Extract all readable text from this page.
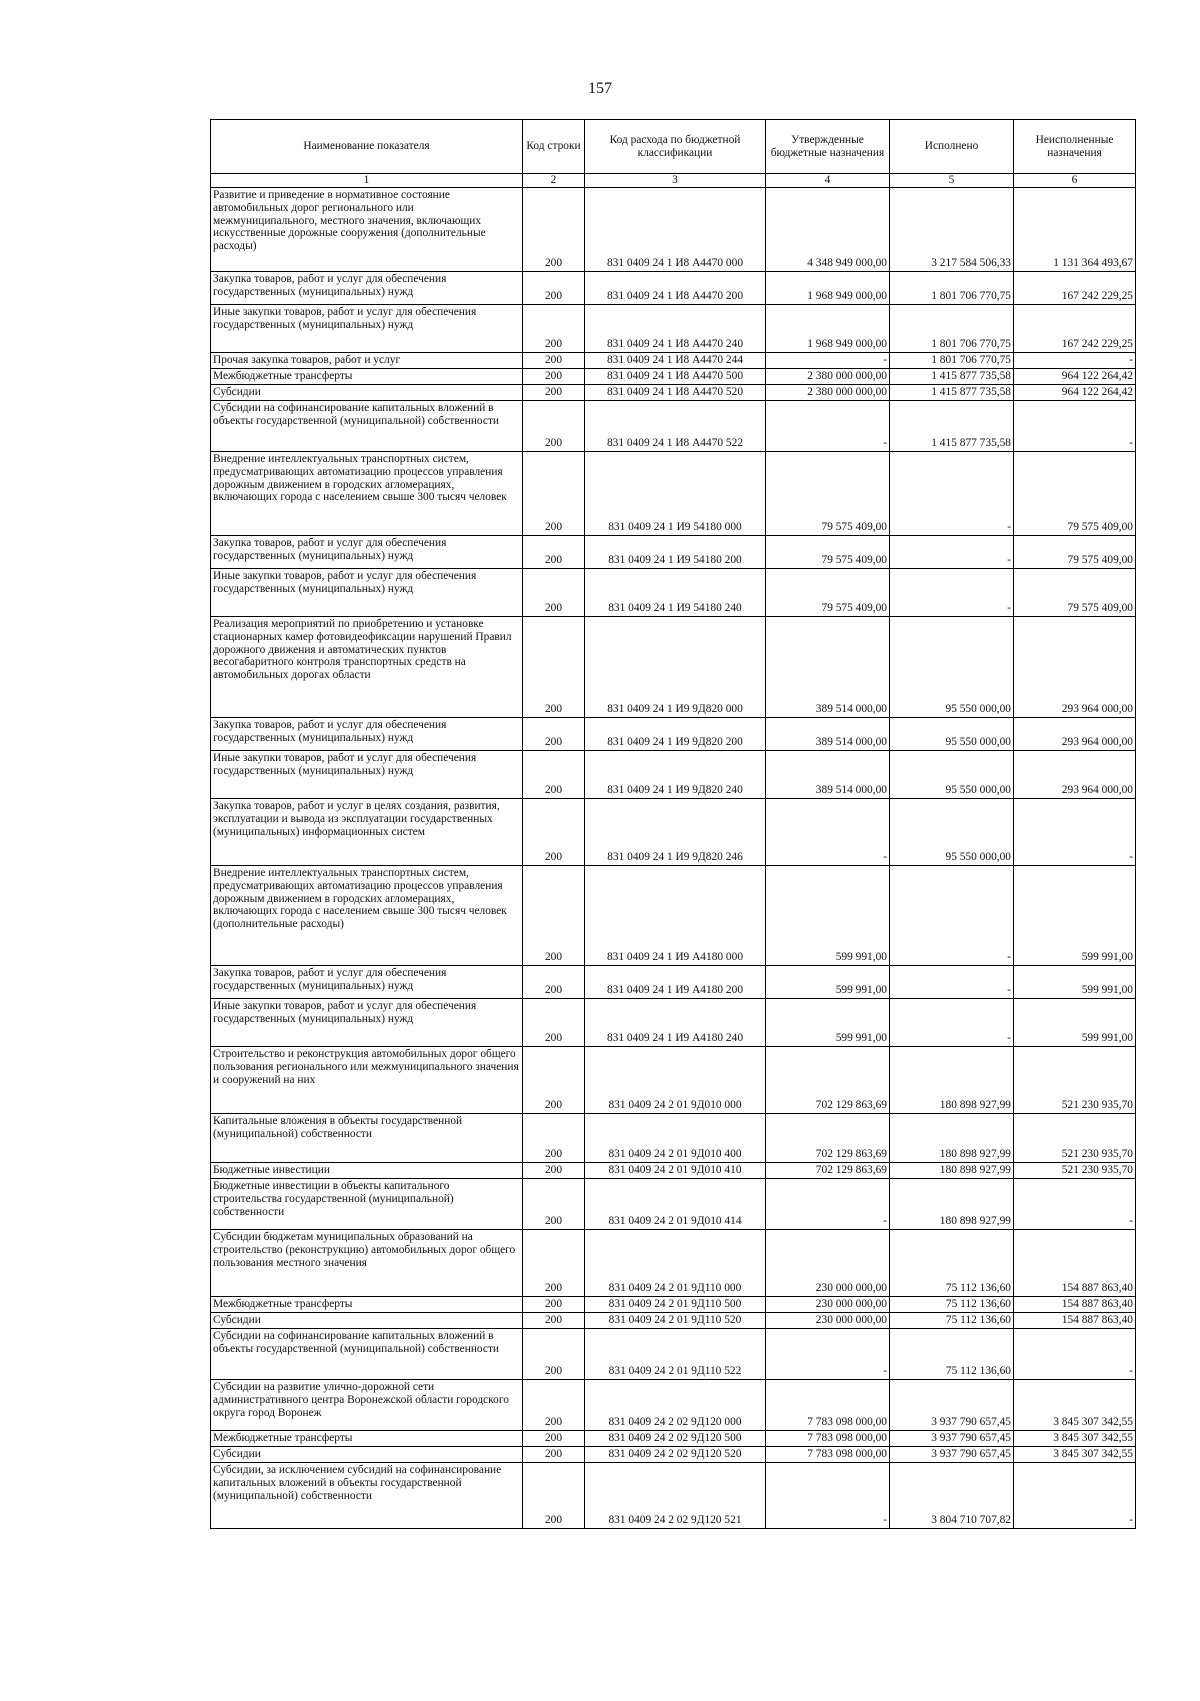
157
Наименование показателя	Код строки	Код расхода по бюджетной классификации	Утвержденные бюджетные назначения	Исполнено	Неисполненные назначения
1	2	3	4	5	6
Развитие и приведение в нормативное состояние автомобильных дорог регионального или межмуниципального, местного значения, включающих искусственные дорожные сооружения (дополнительные расходы)	200	831 0409 24 1 И8 А4470 000	4 348 949 000,00	3 217 584 506,33	1 131 364 493,67
Закупка товаров, работ и услуг для обеспечения государственных (муниципальных) нужд	200	831 0409 24 1 И8 А4470 200	1 968 949 000,00	1 801 706 770,75	167 242 229,25
Иные закупки товаров, работ и услуг для обеспечения государственных (муниципальных) нужд	200	831 0409 24 1 И8 А4470 240	1 968 949 000,00	1 801 706 770,75	167 242 229,25
Прочая закупка товаров, работ и услуг	200	831 0409 24 1 И8 А4470 244	-	1 801 706 770,75	-
Межбюджетные трансферты	200	831 0409 24 1 И8 А4470 500	2 380 000 000,00	1 415 877 735,58	964 122 264,42
Субсидии	200	831 0409 24 1 И8 А4470 520	2 380 000 000,00	1 415 877 735,58	964 122 264,42
Субсидии на софинансирование капитальных вложений в объекты государственной (муниципальной) собственности	200	831 0409 24 1 И8 А4470 522	-	1 415 877 735,58	-
Внедрение интеллектуальных транспортных систем, предусматривающих автоматизацию процессов управления дорожным движением в городских агломерациях, включающих города с населением свыше 300 тысяч человек	200	831 0409 24 1 И9 54180 000	79 575 409,00	-	79 575 409,00
Закупка товаров, работ и услуг для обеспечения государственных (муниципальных) нужд	200	831 0409 24 1 И9 54180 200	79 575 409,00	-	79 575 409,00
Иные закупки товаров, работ и услуг для обеспечения государственных (муниципальных) нужд	200	831 0409 24 1 И9 54180 240	79 575 409,00	-	79 575 409,00
Реализация мероприятий по приобретению и установке стационарных камер фотовидеофиксации нарушений Правил дорожного движения и автоматических пунктов весогабаритного контроля транспортных средств на автомобильных дорогах области	200	831 0409 24 1 И9 9Д820 000	389 514 000,00	95 550 000,00	293 964 000,00
Закупка товаров, работ и услуг для обеспечения государственных (муниципальных) нужд	200	831 0409 24 1 И9 9Д820 200	389 514 000,00	95 550 000,00	293 964 000,00
Иные закупки товаров, работ и услуг для обеспечения государственных (муниципальных) нужд	200	831 0409 24 1 И9 9Д820 240	389 514 000,00	95 550 000,00	293 964 000,00
Закупка товаров, работ и услуг в целях создания, развития, эксплуатации и вывода из эксплуатации государственных (муниципальных) информационных систем	200	831 0409 24 1 И9 9Д820 246	-	95 550 000,00	-
Внедрение интеллектуальных транспортных систем, предусматривающих автоматизацию процессов управления дорожным движением в городских агломерациях, включающих города с населением свыше 300 тысяч человек (дополнительные расходы)	200	831 0409 24 1 И9 А4180 000	599 991,00	-	599 991,00
Закупка товаров, работ и услуг для обеспечения государственных (муниципальных) нужд	200	831 0409 24 1 И9 А4180 200	599 991,00	-	599 991,00
Иные закупки товаров, работ и услуг для обеспечения государственных (муниципальных) нужд	200	831 0409 24 1 И9 А4180 240	599 991,00	-	599 991,00
Строительство и реконструкция автомобильных дорог общего пользования регионального или межмуниципального значения и сооружений на них	200	831 0409 24 2 01 9Д010 000	702 129 863,69	180 898 927,99	521 230 935,70
Капитальные вложения в объекты государственной (муниципальной) собственности	200	831 0409 24 2 01 9Д010 400	702 129 863,69	180 898 927,99	521 230 935,70
Бюджетные инвестиции	200	831 0409 24 2 01 9Д010 410	702 129 863,69	180 898 927,99	521 230 935,70
Бюджетные инвестиции в объекты капитального строительства государственной (муниципальной) собственности	200	831 0409 24 2 01 9Д010 414	-	180 898 927,99	-
Субсидии бюджетам муниципальных образований на строительство (реконструкцию) автомобильных дорог общего пользования местного значения	200	831 0409 24 2 01 9Д110 000	230 000 000,00	75 112 136,60	154 887 863,40
Межбюджетные трансферты	200	831 0409 24 2 01 9Д110 500	230 000 000,00	75 112 136,60	154 887 863,40
Субсидии	200	831 0409 24 2 01 9Д110 520	230 000 000,00	75 112 136,60	154 887 863,40
Субсидии на софинансирование капитальных вложений в объекты государственной (муниципальной) собственности	200	831 0409 24 2 01 9Д110 522	-	75 112 136,60	-
Субсидии на развитие улично-дорожной сети административного центра Воронежской области городского округа город Воронеж	200	831 0409 24 2 02 9Д120 000	7 783 098 000,00	3 937 790 657,45	3 845 307 342,55
Межбюджетные трансферты	200	831 0409 24 2 02 9Д120 500	7 783 098 000,00	3 937 790 657,45	3 845 307 342,55
Субсидии	200	831 0409 24 2 02 9Д120 520	7 783 098 000,00	3 937 790 657,45	3 845 307 342,55
Субсидии, за исключением субсидий на софинансирование капитальных вложений в объекты государственной (муниципальной) собственности	200	831 0409 24 2 02 9Д120 521	-	3 804 710 707,82	-
